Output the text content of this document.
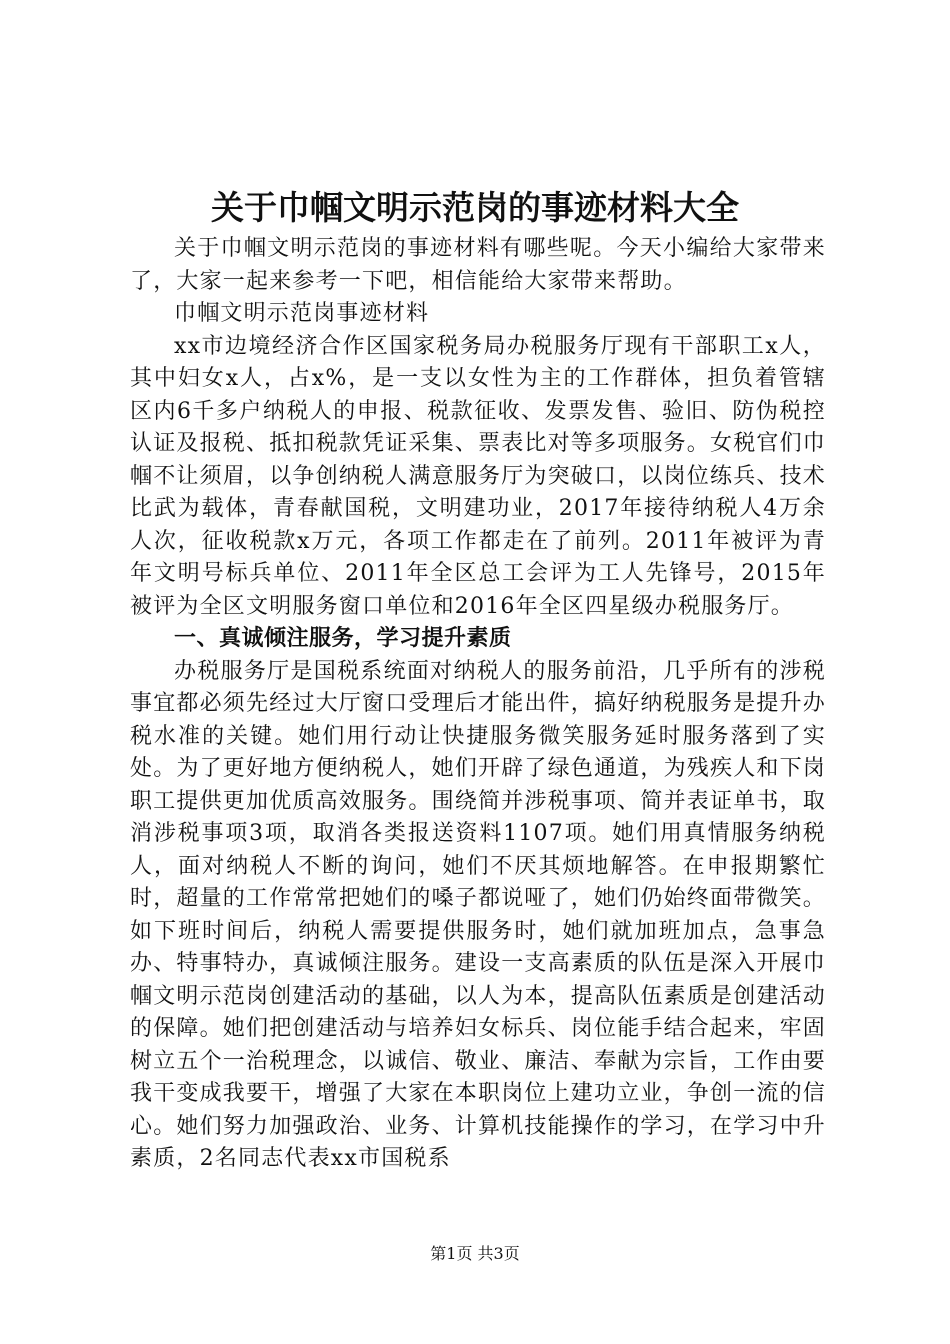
关于巾帼文明示范岗的事迹材料大全

关于巾帼文明示范岗的事迹材料有哪些呢。今天小编给大家带来了，大家一起来参考一下吧，相信能给大家带来帮助。

巾帼文明示范岗事迹材料

xx市边境经济合作区国家税务局办税服务厅现有干部职工x人，其中妇女x人，占x%，是一支以女性为主的工作群体，担负着管辖区内6千多户纳税人的申报、税款征收、发票发售、验旧、防伪税控认证及报税、抵扣税款凭证采集、票表比对等多项服务。女税官们巾帼不让须眉，以争创纳税人满意服务厅为突破口，以岗位练兵、技术比武为载体，青春献国税，文明建功业，2017年接待纳税人4万余人次，征收税款x万元，各项工作都走在了前列。2011年被评为青年文明号标兵单位、2011年全区总工会评为工人先锋号，2015年被评为全区文明服务窗口单位和2016年全区四星级办税服务厅。

一、真诚倾注服务，学习提升素质

办税服务厅是国税系统面对纳税人的服务前沿，几乎所有的涉税事宜都必须先经过大厅窗口受理后才能出件，搞好纳税服务是提升办税水准的关键。她们用行动让快捷服务微笑服务延时服务落到了实处。为了更好地方便纳税人，她们开辟了绿色通道，为残疾人和下岗职工提供更加优质高效服务。围绕简并涉税事项、简并表证单书，取消涉税事项3项，取消各类报送资料1107项。她们用真情服务纳税人，面对纳税人不断的询问，她们不厌其烦地解答。在申报期繁忙时，超量的工作常常把她们的嗓子都说哑了，她们仍始终面带微笑。如下班时间后，纳税人需要提供服务时，她们就加班加点，急事急办、特事特办，真诚倾注服务。建设一支高素质的队伍是深入开展巾帼文明示范岗创建活动的基础，以人为本，提高队伍素质是创建活动的保障。她们把创建活动与培养妇女标兵、岗位能手结合起来，牢固树立五个一治税理念，以诚信、敬业、廉洁、奉献为宗旨，工作由要我干变成我要干，增强了大家在本职岗位上建功立业，争创一流的信心。她们努力加强政治、业务、计算机技能操作的学习，在学习中升素质，2名同志代表xx市国税系

第1页 共3页
